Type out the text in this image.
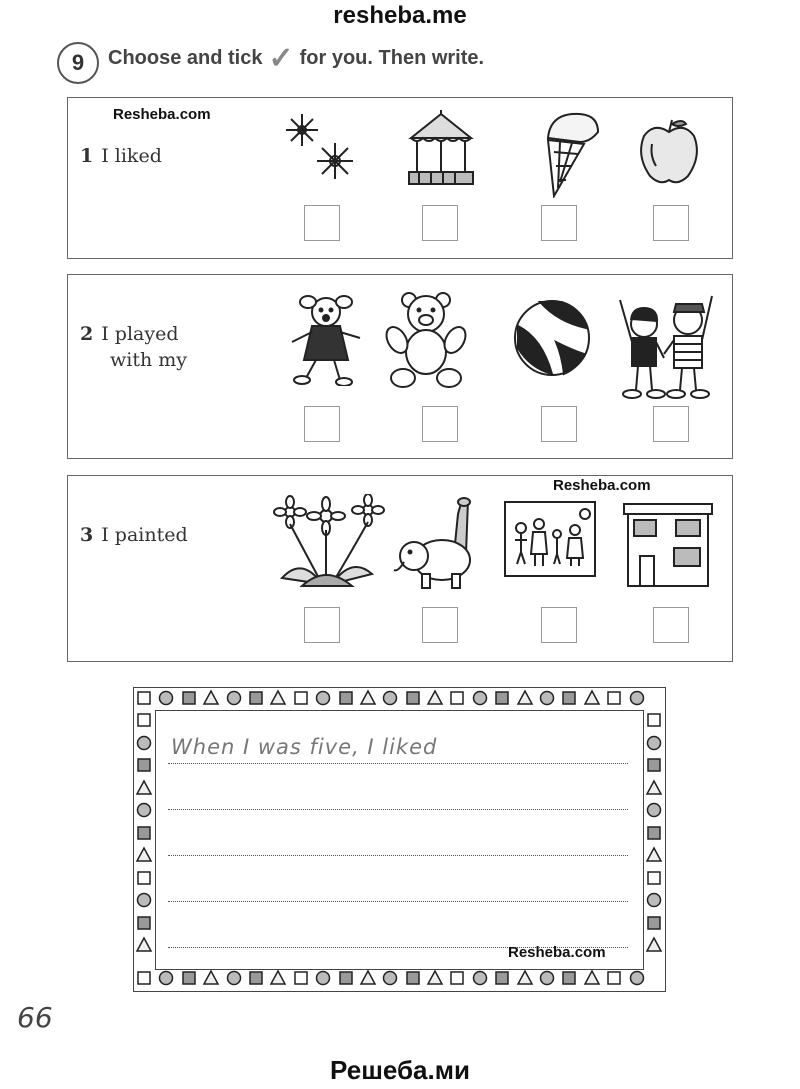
resheba.me
9	Choose and tick ✓ for you. Then write.
Resheba.com
1 I liked
2 I played
with my
Resheba.com
3 I painted
When I was five, I liked
Resheba.com
66
Решеба.ми
